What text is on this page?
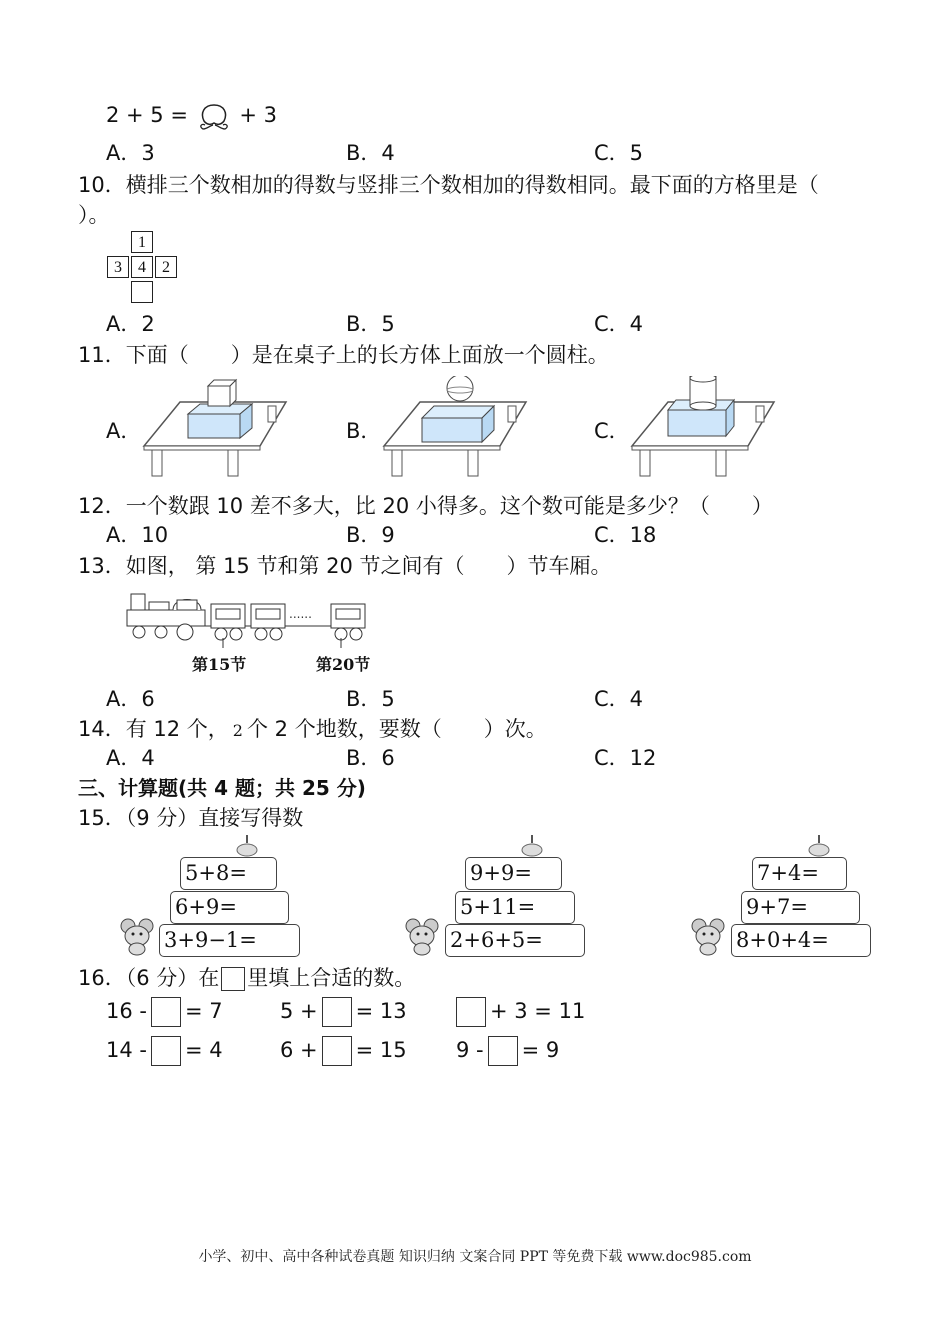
2 + 5 = + 3
A．3	B．4	C．5
10．横排三个数相加的得数与竖排三个数相加的得数相同。最下面的方格里是（
）。
1
3	4	2
A．2	B．5	C．4
11．下面（　　）是在桌子上的长方体上面放一个圆柱。
A．	B．	C．
12．一个数跟 10 差不多大，比 20 小得多。这个数可能是多少？（　　）
A．10	B．9	C．18
13．如图， 第 15 节和第 20 节之间有（　　）节车厢。
......
第15节	第20节
A．6	B．5	C．4
14．有 12 个， 2 个 2 个地数，要数（　　）次。
A．4	B．6	C．12
三、计算题(共 4 题；共 25 分)
15．（9 分）直接写得数
5+8=
6+9=
3+9−1=
9+9=
5+11=
2+6+5=
7+4=
9+7=
8+0+4=
16．（6 分）在 里填上合适的数。
16 - = 7	5 + = 13	+ 3 = 11
14 - = 4	6 + = 15 9 - = 9
小学、初中、高中各种试卷真题 知识归纳 文案合同 PPT 等免费下载 www.doc985.com
